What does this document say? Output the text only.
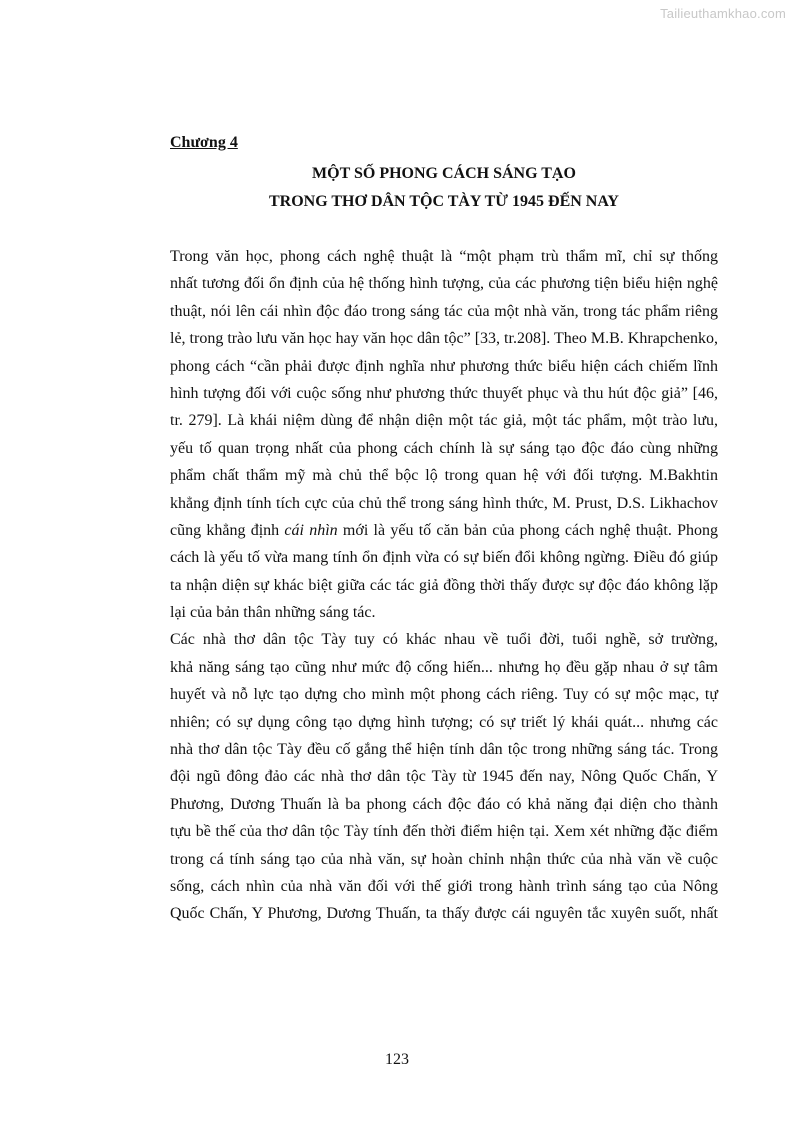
Tailieuthamkhao.com
Chương 4
MỘT SỐ PHONG CÁCH SÁNG TẠO
TRONG THƠ DÂN TỘC TÀY TỪ 1945 ĐẾN NAY
Trong văn học, phong cách nghệ thuật là “một phạm trù thẩm mĩ, chỉ sự thống
nhất tương đối ổn định của hệ thống hình tượng, của các phương tiện biểu hiện nghệ
thuật, nói lên cái nhìn độc đáo trong sáng tác của một nhà văn, trong tác phẩm riêng
lẻ, trong trào lưu văn học hay văn học dân tộc” [33, tr.208]. Theo M.B. Khrapchenko,
phong cách “cần phải được định nghĩa như phương thức biểu hiện cách chiếm lĩnh
hình tượng đối với cuộc sống như phương thức thuyết phục và thu hút độc giả” [46,
tr. 279]. Là khái niệm dùng để nhận diện một tác giả, một tác phẩm, một trào lưu,
yếu tố quan trọng nhất của phong cách chính là sự sáng tạo độc đáo cùng những
phẩm chất thẩm mỹ mà chủ thể bộc lộ trong quan hệ với đối tượng. M.Bakhtin
khẳng định tính tích cực của chủ thể trong sáng hình thức, M. Prust, D.S. Likhachov
cũng khẳng định cái nhìn mới là yếu tố căn bản của phong cách nghệ thuật. Phong
cách là yếu tố vừa mang tính ổn định vừa có sự biến đổi không ngừng. Điều đó giúp
ta nhận diện sự khác biệt giữa các tác giả đồng thời thấy được sự độc đáo không lặp
lại của bản thân những sáng tác.
Các nhà thơ dân tộc Tày tuy có khác nhau về tuổi đời, tuổi nghề, sở trường,
khả năng sáng tạo cũng như mức độ cống hiến... nhưng họ đều gặp nhau ở sự tâm
huyết và nỗ lực tạo dựng cho mình một phong cách riêng. Tuy có sự mộc mạc, tự
nhiên; có sự dụng công tạo dựng hình tượng; có sự triết lý khái quát... nhưng các
nhà thơ dân tộc Tày đều cố gắng thể hiện tính dân tộc trong những sáng tác. Trong
đội ngũ đông đảo các nhà thơ dân tộc Tày từ 1945 đến nay, Nông Quốc Chấn, Y
Phương, Dương Thuấn là ba phong cách độc đáo có khả năng đại diện cho thành
tựu bề thế của thơ dân tộc Tày tính đến thời điểm hiện tại. Xem xét những đặc điểm
trong cá tính sáng tạo của nhà văn, sự hoàn chỉnh nhận thức của nhà văn về cuộc
sống, cách nhìn của nhà văn đối với thế giới trong hành trình sáng tạo của Nông
Quốc Chấn, Y Phương, Dương Thuấn, ta thấy được cái nguyên tắc xuyên suốt, nhất
123
